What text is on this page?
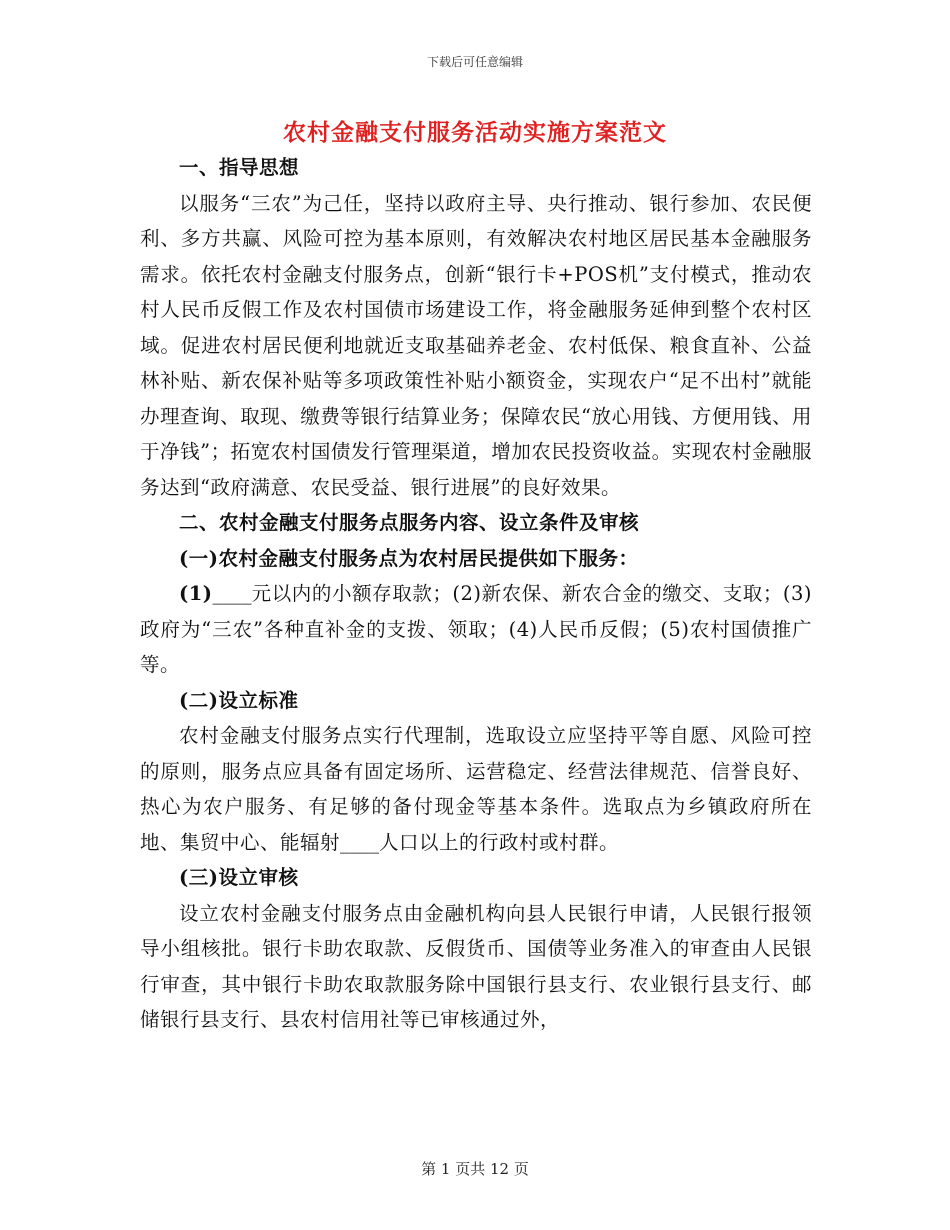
下载后可任意编辑
农村金融支付服务活动实施方案范文

一、指导思想

以服务“三农”为己任，坚持以政府主导、央行推动、银行参加、农民便利、多方共赢、风险可控为基本原则，有效解决农村地区居民基本金融服务需求。依托农村金融支付服务点，创新“银行卡+POS机”支付模式，推动农村人民币反假工作及农村国债市场建设工作，将金融服务延伸到整个农村区域。促进农村居民便利地就近支取基础养老金、农村低保、粮食直补、公益林补贴、新农保补贴等多项政策性补贴小额资金，实现农户“足不出村”就能办理查询、取现、缴费等银行结算业务；保障农民“放心用钱、方便用钱、用于净钱”；拓宽农村国债发行管理渠道，增加农民投资收益。实现农村金融服务达到“政府满意、农民受益、银行进展”的良好效果。

二、农村金融支付服务点服务内容、设立条件及审核

(一)农村金融支付服务点为农村居民提供如下服务：

(1)____元以内的小额存取款；(2)新农保、新农合金的缴交、支取；(3)政府为“三农”各种直补金的支拨、领取；(4)人民币反假；(5)农村国债推广等。

(二)设立标准

农村金融支付服务点实行代理制，选取设立应坚持平等自愿、风险可控的原则，服务点应具备有固定场所、运营稳定、经营法律规范、信誉良好、热心为农户服务、有足够的备付现金等基本条件。选取点为乡镇政府所在地、集贸中心、能辐射____人口以上的行政村或村群。

(三)设立审核

设立农村金融支付服务点由金融机构向县人民银行申请，人民银行报领导小组核批。银行卡助农取款、反假货币、国债等业务准入的审查由人民银行审查，其中银行卡助农取款服务除中国银行县支行、农业银行县支行、邮储银行县支行、县农村信用社等已审核通过外，

第 1 页共 12 页
